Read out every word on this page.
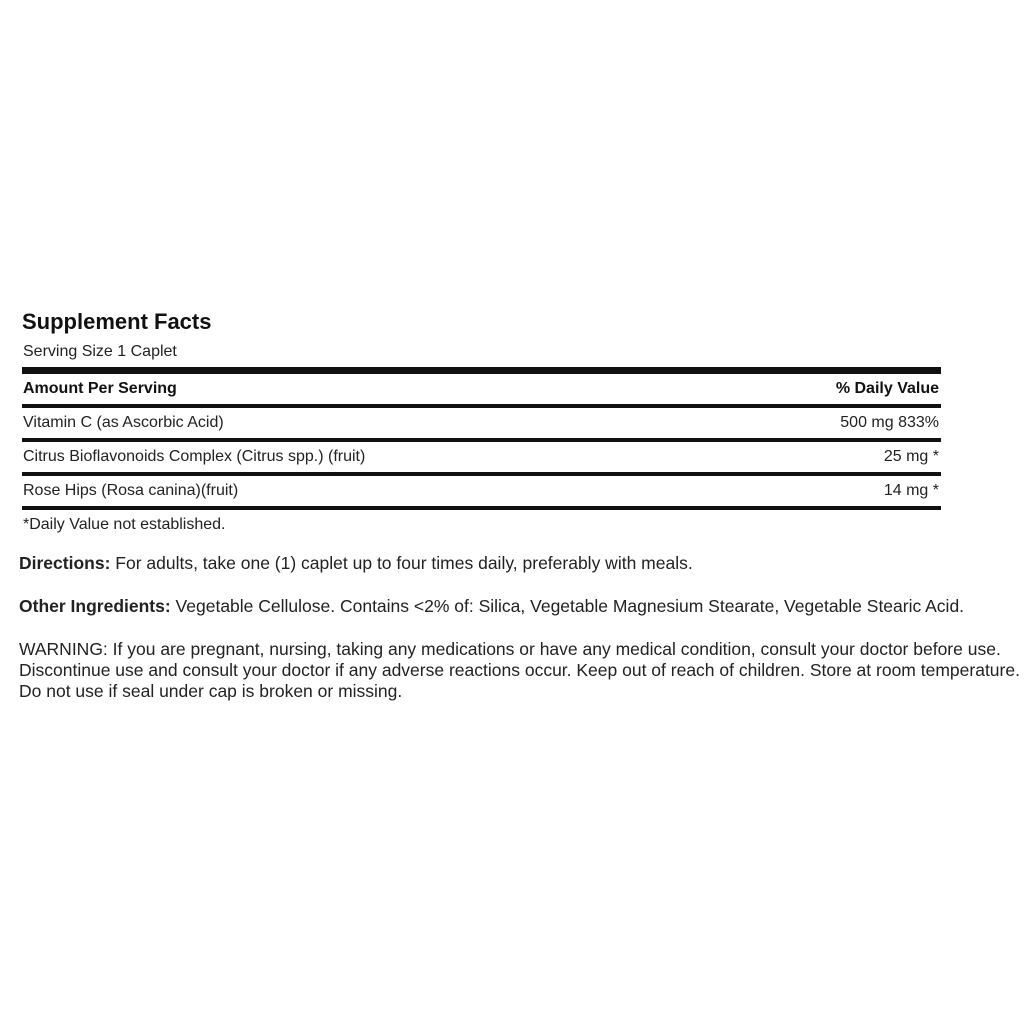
Supplement Facts
Serving Size 1 Caplet
Amount Per Serving	% Daily Value
Vitamin C (as Ascorbic Acid)	500 mg 833%
Citrus Bioflavonoids Complex (Citrus spp.) (fruit)	25 mg *
Rose Hips (Rosa canina)(fruit)	14 mg *
*Daily Value not established.

Directions: For adults, take one (1) caplet up to four times daily, preferably with meals.

Other Ingredients: Vegetable Cellulose. Contains <2% of: Silica, Vegetable Magnesium Stearate, Vegetable Stearic Acid.

WARNING: If you are pregnant, nursing, taking any medications or have any medical condition, consult your doctor before use. Discontinue use and consult your doctor if any adverse reactions occur. Keep out of reach of children. Store at room temperature. Do not use if seal under cap is broken or missing.
